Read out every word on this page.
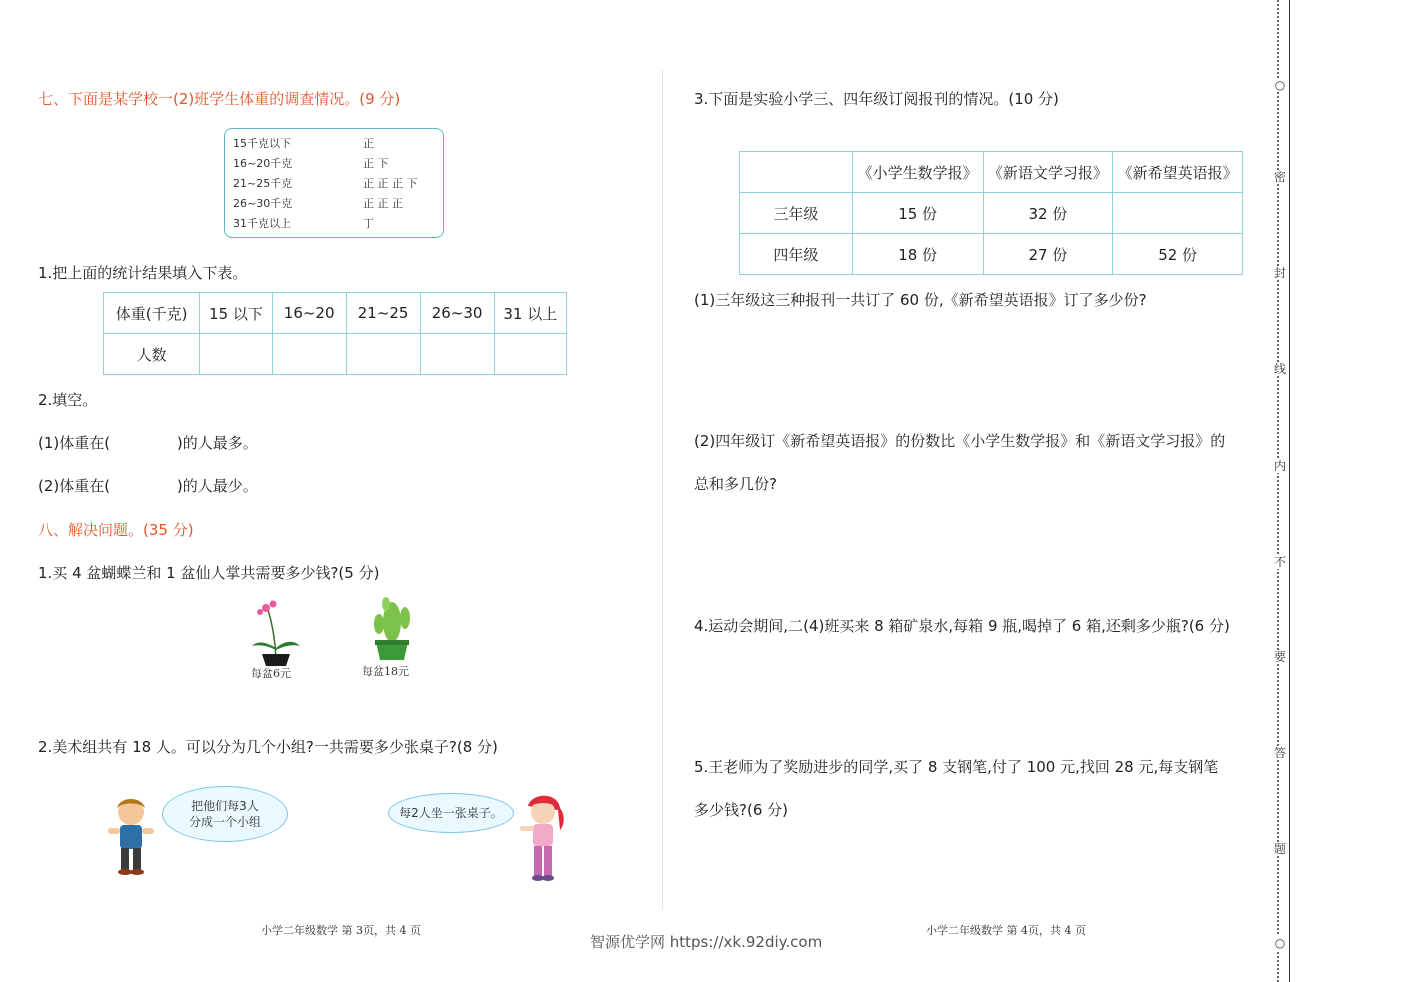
七、下面是某学校一(2)班学生体重的调查情况。(9 分)
15千克以下	正
16~20千克	正 下
21~25千克	正 正 正 下
26~30千克	正 正 正
31千克以上	丁
1.把上面的统计结果填入下表。
体重(千克)	15 以下	16~20	21~25	26~30	31 以上
人数					
2.填空。
(1)体重在(              )的人最多。
(2)体重在(              )的人最少。
八、解决问题。(35 分)
1.买 4 盆蝴蝶兰和 1 盆仙人掌共需要多少钱?(5 分)
每盆6元	每盆18元
2.美术组共有 18 人。可以分为几个小组?一共需要多少张桌子?(8 分)
把他们每3人
分成一个小组
每2人坐一张桌子。
小学二年级数学 第 3页，共 4 页
3.下面是实验小学三、四年级订阅报刊的情况。(10 分)
	《小学生数学报》	《新语文学习报》	《新希望英语报》
三年级	15 份	32 份	
四年级	18 份	27 份	52 份
(1)三年级这三种报刊一共订了 60 份,《新希望英语报》订了多少份?
(2)四年级订《新希望英语报》的份数比《小学生数学报》和《新语文学习报》的
总和多几份?
4.运动会期间,二(4)班买来 8 箱矿泉水,每箱 9 瓶,喝掉了 6 箱,还剩多少瓶?(6 分)
5.王老师为了奖励进步的同学,买了 8 支钢笔,付了 100 元,找回 28 元,每支钢笔
多少钱?(6 分)
小学二年级数学 第 4页，共 4 页
智源优学网 https://xk.92diy.com
○
密
封
线
内
不
要
答
题
○
